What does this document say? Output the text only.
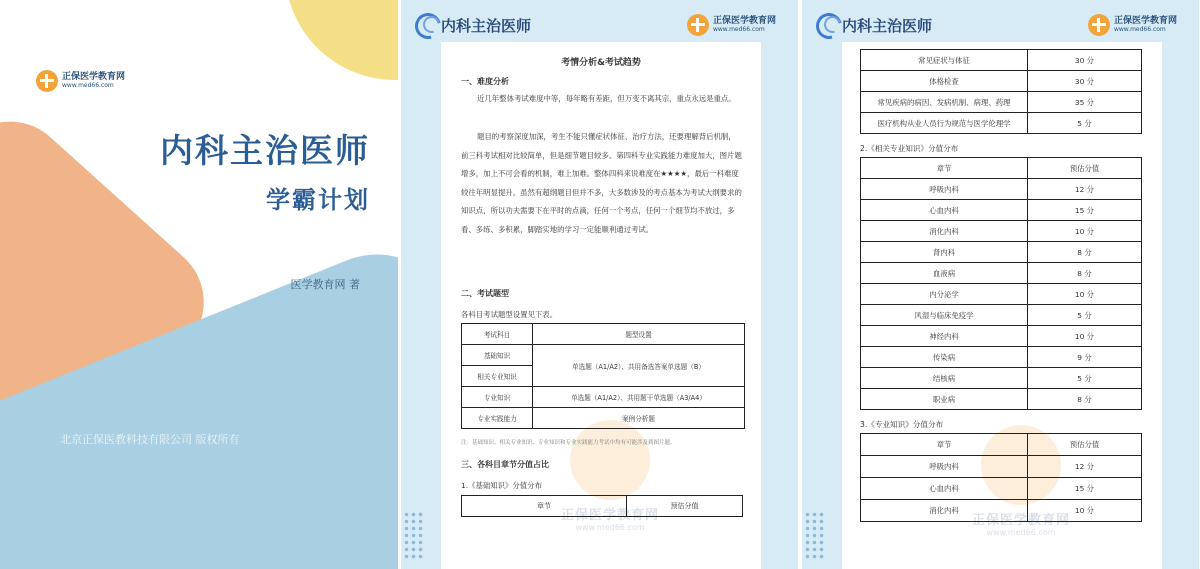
正保医学教育网
www.med66.com
内科主治医师
学霸计划
医学教育网 著
北京正保医教科技有限公司 版权所有
内科主治医师	正保医学教育网
www.med66.com
正保医学教育网
www.med66.com
考情分析&考试趋势
一、难度分析
近几年整体考试难度中等，每年略有差距，但万变不离其宗，重点永远是重点。
题目的考察深度加深，考生不能只懂症状体征、治疗方法，还要理解背后机制，前三科考试相对比较简单，但是细节题目较多。第四科专业实践能力难度加大，图片题增多，加上不可会看的机制，难上加难。整体四科来说难度在★★★★，最后一科难度较往年明显提升。虽然有超纲题目但并不多，大多数涉及的考点基本为考试大纲要求的知识点，所以功夫需要下在平时的点滴，任何一个考点，任何一个细节均不放过，多看、多练、多积累，脚踏实地的学习一定能顺利通过考试。
二、考试题型
各科目考试题型设置见下表。
考试科目	题型设置
基础知识	单选题（A1/A2）、共用备选答案单选题（B）
相关专业知识	
专业知识	单选题（A1/A2）、共用题干单选题（A3/A4）
专业实践能力	案例分析题
注：基础知识、相关专业知识、专业知识和专业实践能力考试中均有可能涉及到图片题。
三、各科目章节分值占比
1.《基础知识》分值分布
章节	预估分值
内科主治医师	正保医学教育网
www.med66.com
正保医学教育网
www.med66.com
常见症状与体征	30 分
体格检查	30 分
常见疾病的病因、发病机制、病理、药理	35 分
医疗机构从业人员行为规范与医学伦理学	5 分
2.《相关专业知识》分值分布
章节	预估分值
呼吸内科	12 分
心血内科	15 分
消化内科	10 分
肾内科	8 分
血液病	8 分
内分泌学	10 分
风湿与临床免疫学	5 分
神经内科	10 分
传染病	9 分
结核病	5 分
职业病	8 分
3.《专业知识》分值分布
章节	预估分值
呼吸内科	12 分
心血内科	15 分
消化内科	10 分
